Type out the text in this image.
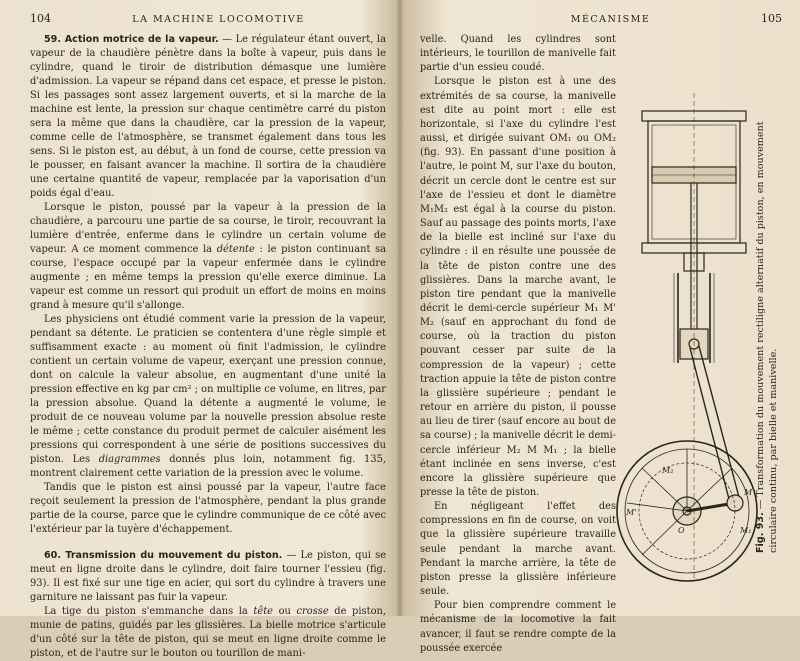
104	LA MACHINE LOCOMOTIVE

59. Action motrice de la vapeur. — Le régulateur étant ouvert, la vapeur de la chaudière pénètre dans la boîte à vapeur, puis dans le cylindre, quand le tiroir de distribution démasque une lumière d'admission. La vapeur se répand dans cet espace, et presse le piston. Si les passages sont assez largement ouverts, et si la marche de la machine est lente, la pression sur chaque centimètre carré du piston sera la même que dans la chaudière, car la pression de la vapeur, comme celle de l'atmosphère, se transmet également dans tous les sens. Si le piston est, au début, à un fond de course, cette pression va le pousser, en faisant avancer la machine. Il sortira de la chaudière une certaine quantité de vapeur, remplacée par la vaporisation d'un poids égal d'eau.

Lorsque le piston, poussé par la vapeur à la pression de la chaudière, a parcouru une partie de sa course, le tiroir, recouvrant la lumière d'entrée, enferme dans le cylindre un certain volume de vapeur. A ce moment commence la détente : le piston continuant sa course, l'espace occupé par la vapeur enfermée dans le cylindre augmente ; en même temps la pression qu'elle exerce diminue. La vapeur est comme un ressort qui produit un effort de moins en moins grand à mesure qu'il s'allonge.

Les physiciens ont étudié comment varie la pression de la vapeur, pendant sa détente. Le praticien se contentera d'une règle simple et suffisamment exacte : au moment où finit l'admission, le cylindre contient un certain volume de vapeur, exerçant une pression connue, dont on calcule la valeur absolue, en augmentant d'une unité la pression effective en kg par cm² ; on multiplie ce volume, en litres, par la pression absolue. Quand la détente a augmenté le volume, le produit de ce nouveau volume par la nouvelle pression absolue reste le même ; cette constance du produit permet de calculer aisément les pressions qui correspondent à une série de positions successives du piston. Les diagrammes donnés plus loin, notamment fig. 135, montrent clairement cette variation de la pression avec le volume.

Tandis que le piston est ainsi poussé par la vapeur, l'autre face reçoit seulement la pression de l'atmosphère, pendant la plus grande partie de la course, parce que le cylindre communique de ce côté avec l'extérieur par la tuyère d'échappement.

60. Transmission du mouvement du piston. — Le piston, qui se meut en ligne droite dans le cylindre, doit faire tourner l'essieu (fig. 93). Il est fixé sur une tige en acier, qui sort du cylindre à travers une garniture ne laissant pas fuir la vapeur.

La tige du piston s'emmanche dans la tête ou crosse de piston, munie de patins, guidés par les glissières. La bielle motrice s'articule d'un côté sur la tête de piston, qui se meut en ligne droite comme le piston, et de l'autre sur le bouton ou tourillon de mani-

MÉCANISME	105

velle. Quand les cylindres sont intérieurs, le tourillon de manivelle fait partie d'un essieu coudé.

Lorsque le piston est à une des extrémités de sa course, la manivelle est dite au point mort : elle est horizontale, si l'axe du cylindre l'est aussi, et dirigée suivant OM₁ ou OM₂ (fig. 93). En passant d'une position à l'autre, le point M, sur l'axe du bouton, décrit un cercle dont le centre est sur l'axe de l'essieu et dont le diamètre M₁M₂ est égal à la course du piston. Sauf au passage des points morts, l'axe de la bielle est incliné sur l'axe du cylindre : il en résulte une poussée de la tête de piston contre une des glissières. Dans la marche avant, le piston tire pendant que la manivelle décrit le demi-cercle supérieur M₁ M' M₂ (sauf en approchant du fond de course, où la traction du piston pouvant cesser par suite de la compression de la vapeur) ; cette traction appuie la tête de piston contre la glissière supérieure ; pendant le retour en arrière du piston, il pousse au lieu de tirer (sauf encore au bout de sa course) ; la manivelle décrit le demi-cercle inférieur M₂ M M₁ ; la bielle étant inclinée en sens inverse, c'est encore la glissière supérieure que presse la tête de piston.

En négligeant l'effet des compressions en fin de course, on voit que la glissière supérieure travaille seule pendant la marche avant. Pendant la marche arrière, la tête de piston presse la glissière inférieure seule.

Pour bien comprendre comment le mécanisme de la locomotive la fait avancer, il faut se rendre compte de la poussée exercée

M₂
M'
O
M
M₁ Fig. 93. — Transformation du mouvement rectiligne alternatif du piston, en mouvement circulaire continu, par bielle et manivelle.
